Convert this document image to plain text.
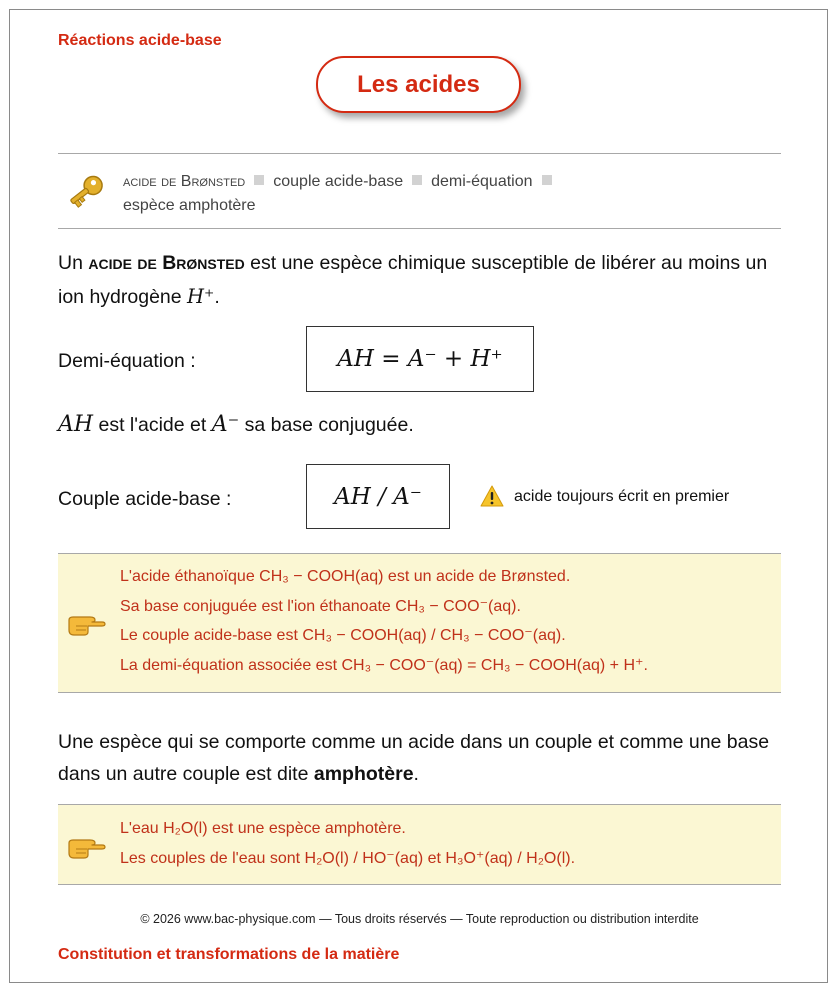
Réactions acide-base
Les acides
acide de Brønsted couple acide-base demi-équation
espèce amphotère
Un acide de Brønsted est une espèce chimique susceptible de libérer au moins un ion hydrogène H⁺.
Demi-équation :	AH = A⁻ + H⁺
AH est l'acide et A⁻ sa base conjuguée.
Couple acide-base :	AH / A⁻	acide toujours écrit en premier
L'acide éthanoïque CH₃ − COOH(aq) est un acide de Brønsted.
Sa base conjuguée est l'ion éthanoate CH₃ − COO⁻(aq).
Le couple acide-base est CH₃ − COOH(aq) / CH₃ − COO⁻(aq).
La demi-équation associée est CH₃ − COO⁻(aq) = CH₃ − COOH(aq) + H⁺.
Une espèce qui se comporte comme un acide dans un couple et comme une base dans un autre couple est dite amphotère.
L'eau H₂O(l) est une espèce amphotère.
Les couples de l'eau sont H₂O(l) / HO⁻(aq) et H₃O⁺(aq) / H₂O(l).
© 2026 www.bac-physique.com — Tous droits réservés — Toute reproduction ou distribution interdite
Constitution et transformations de la matière
